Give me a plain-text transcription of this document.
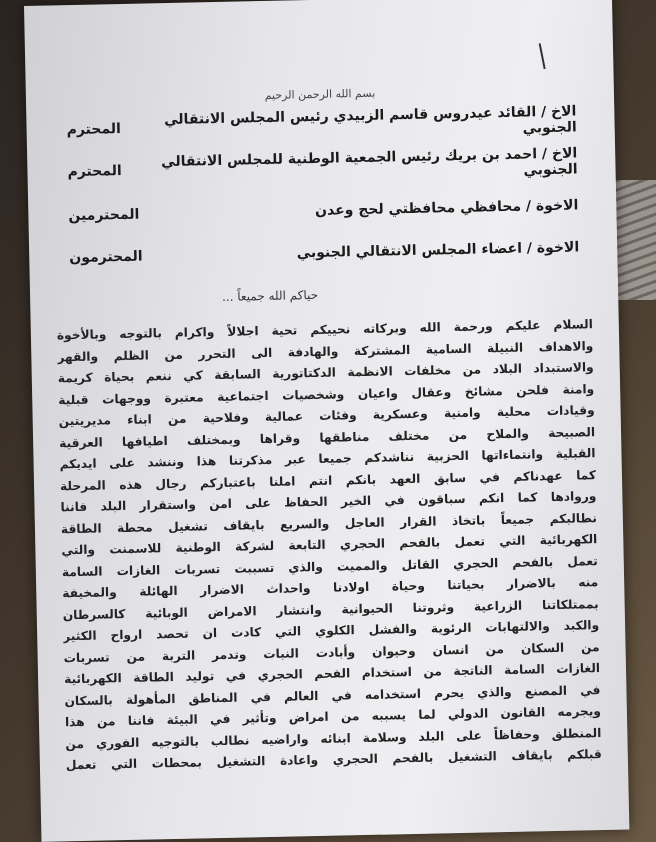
بسم الله الرحمن الرحيم
الاخ / القائد عيدروس قاسم الزبيدي رئيس المجلس الانتقالي الجنوبي
المحترم
الاخ / احمد بن بريك رئيس الجمعية الوطنية للمجلس الانتقالي الجنوبي
المحترم
الاخوة / محافظي محافظتي لحج وعدن
المحترمين
الاخوة / اعضاء المجلس الانتقالي الجنوبي
المحترمون
حياكم الله جميعاً ...
السلام عليكم ورحمة الله وبركاته نحييكم تحية اجلالاً واكرام بالتوجه وبالأخوة
والاهداف النبيلة السامية المشتركة والهادفة الى التحرر من الظلم والقهر
والاستبداد البلاد من مخلفات الانظمة الدكتاتورية السابقة كي ننعم بحياة كريمة
وامنة فلحن مشائخ وعقال واعيان وشخصيات اجتماعية معتبرة ووجهات قبلية
وقيادات محلية وامنية وعسكرية وفئات عمالية وفلاحية من ابناء مديريتين
الصبيحة والملاح من مختلف مناطقها وقراها وبمختلف اطيافها العرقية
القبلية وانتماءاتها الحزبية نناشدكم جميعا عبر مذكرتنا هذا وننشد على ايديكم
كما عهدناكم في سابق العهد بانكم انتم املنا باعتباركم رجال هذه المرحلة
وروادها كما انكم سباقون في الخير الحفاظ على امن واستقرار البلد فاننا
نطالبكم جميعاً باتخاذ القرار العاجل والسريع بايقاف تشغيل محطة الطاقة
الكهربائية التي تعمل بالفحم الحجري التابعة لشركة الوطنية للاسمنت والتي
تعمل بالفحم الحجري القاتل والمميت والذي تسببت تسربات الغازات السامة
منه بالاضرار بحياتنا وحياة اولادنا واحداث الاضرار الهائلة والمخيفة
بممتلكاتنا الزراعية وثروتنا الحيوانية وانتشار الامراض الوبائية كالسرطان
والكبد والالتهابات الرئوية والفشل الكلوي التي كادت ان تحصد ارواح الكثير
من السكان من انسان وحيوان وأبادت النبات وتدمر التربة من تسربات
الغازات السامة الناتجة من استخدام الفحم الحجري في توليد الطاقة الكهربائية
في المصنع والذي يحرم استخدامه في العالم في المناطق المأهولة بالسكان
ويجرمه القانون الدولي لما يسببه من امراض وتأثير في البيئة فاننا من هذا
المنطلق وحفاظاً على البلد وسلامة ابنائه واراضيه نطالب بالتوجيه الفوري من
قبلكم بايقاف التشغيل بالفحم الحجري واعادة التشغيل بمحطات التي تعمل
